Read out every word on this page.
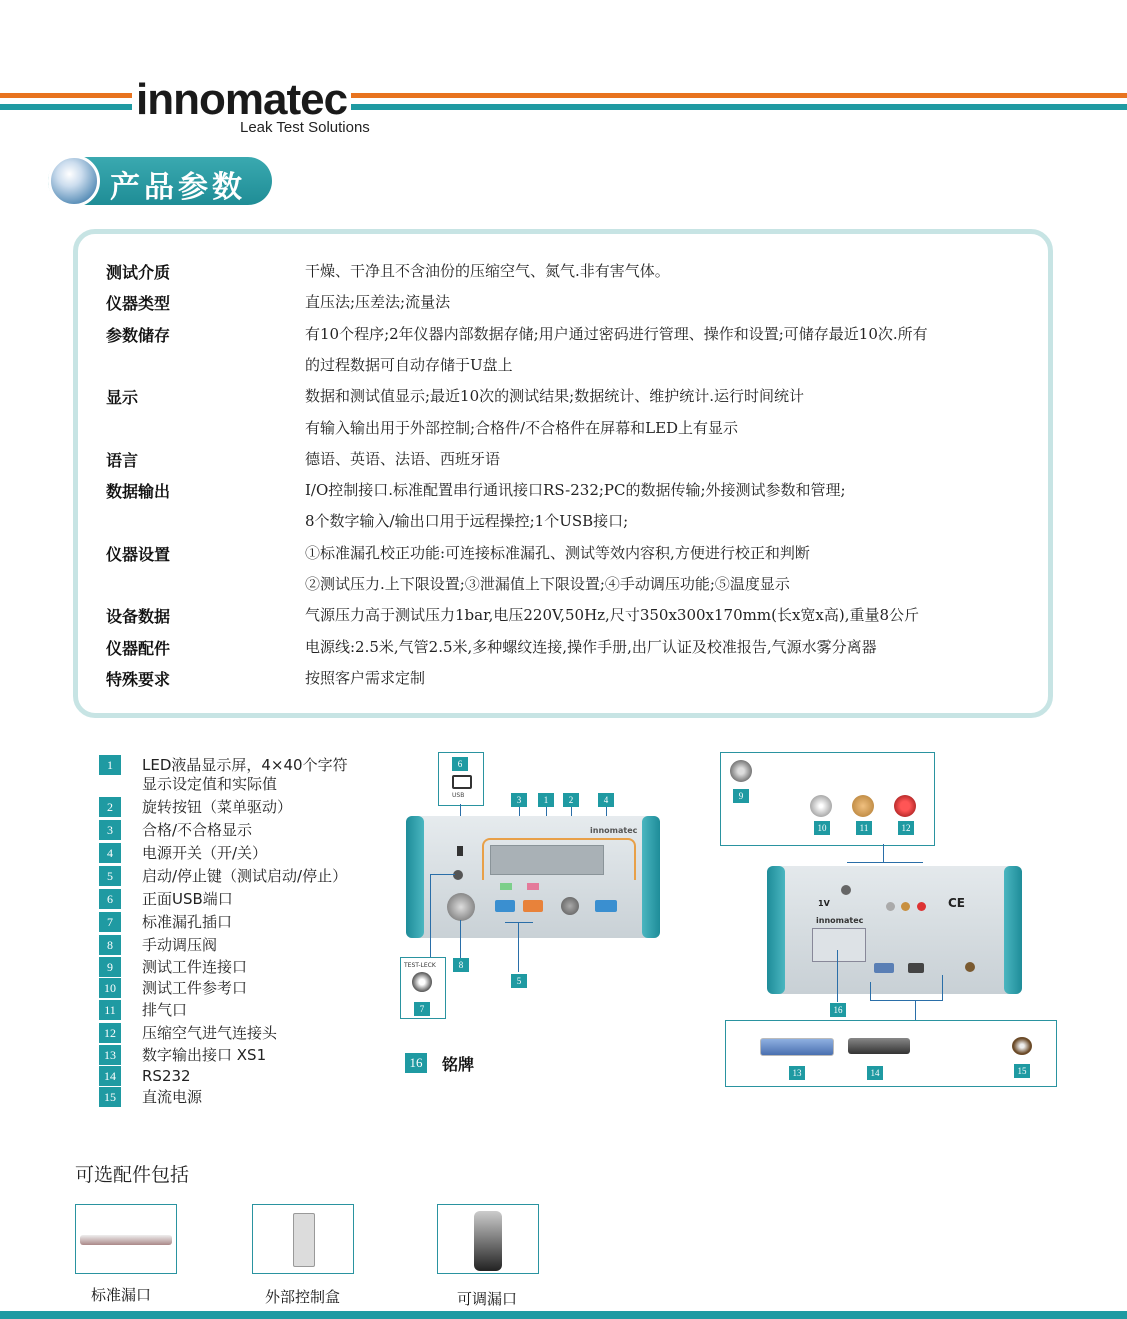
innomatec
Leak Test Solutions
产品参数
测试介质	干燥、干净且不含油份的压缩空气、氮气.非有害气体。
仪器类型	直压法;压差法;流量法
参数储存	有10个程序;2年仪器内部数据存储;用户通过密码进行管理、操作和设置;可储存最近10次.所有
的过程数据可自动存储于U盘上
显示	数据和测试值显示;最近10次的测试结果;数据统计、维护统计.运行时间统计
有输入输出用于外部控制;合格件/不合格件在屏幕和LED上有显示
语言	德语、英语、法语、西班牙语
数据输出	I/O控制接口.标准配置串行通讯接口RS-232;PC的数据传输;外接测试参数和管理;
8个数字输入/输出口用于远程操控;1个USB接口;
仪器设置	①标准漏孔校正功能:可连接标准漏孔、测试等效内容积,方便进行校正和判断
②测试压力.上下限设置;③泄漏值上下限设置;④手动调压功能;⑤温度显示
设备数据	气源压力高于测试压力1bar,电压220V,50Hz,尺寸350x300x170mm(长x宽x高),重量8公斤
仪器配件	电源线:2.5米,气管2.5米,多种螺纹连接,操作手册,出厂认证及校准报告,气源水雾分离器
特殊要求	按照客户需求定制
1	LED液晶显示屏，4×40个字符
显示设定值和实际值
2	旋转按钮（菜单驱动）
3	合格/不合格显示
4	电源开关（开/关）
5	启动/停止键（测试启动/停止）
6	正面USB端口
7	标准漏孔插口
8	手动调压阀
9	测试工件连接口
10	测试工件参考口
11	排气口
12	压缩空气进气连接头
13	数字输出接口 XS1
14	RS232
15	直流电源
6
USB	3	1	2	4
innomatec
8
TEST-LECK
7
5
16 铭牌
9
10	11	12
1V
innomatec
CE
16
13	14	15
可选配件包括
标准漏口	外部控制盒	可调漏口
